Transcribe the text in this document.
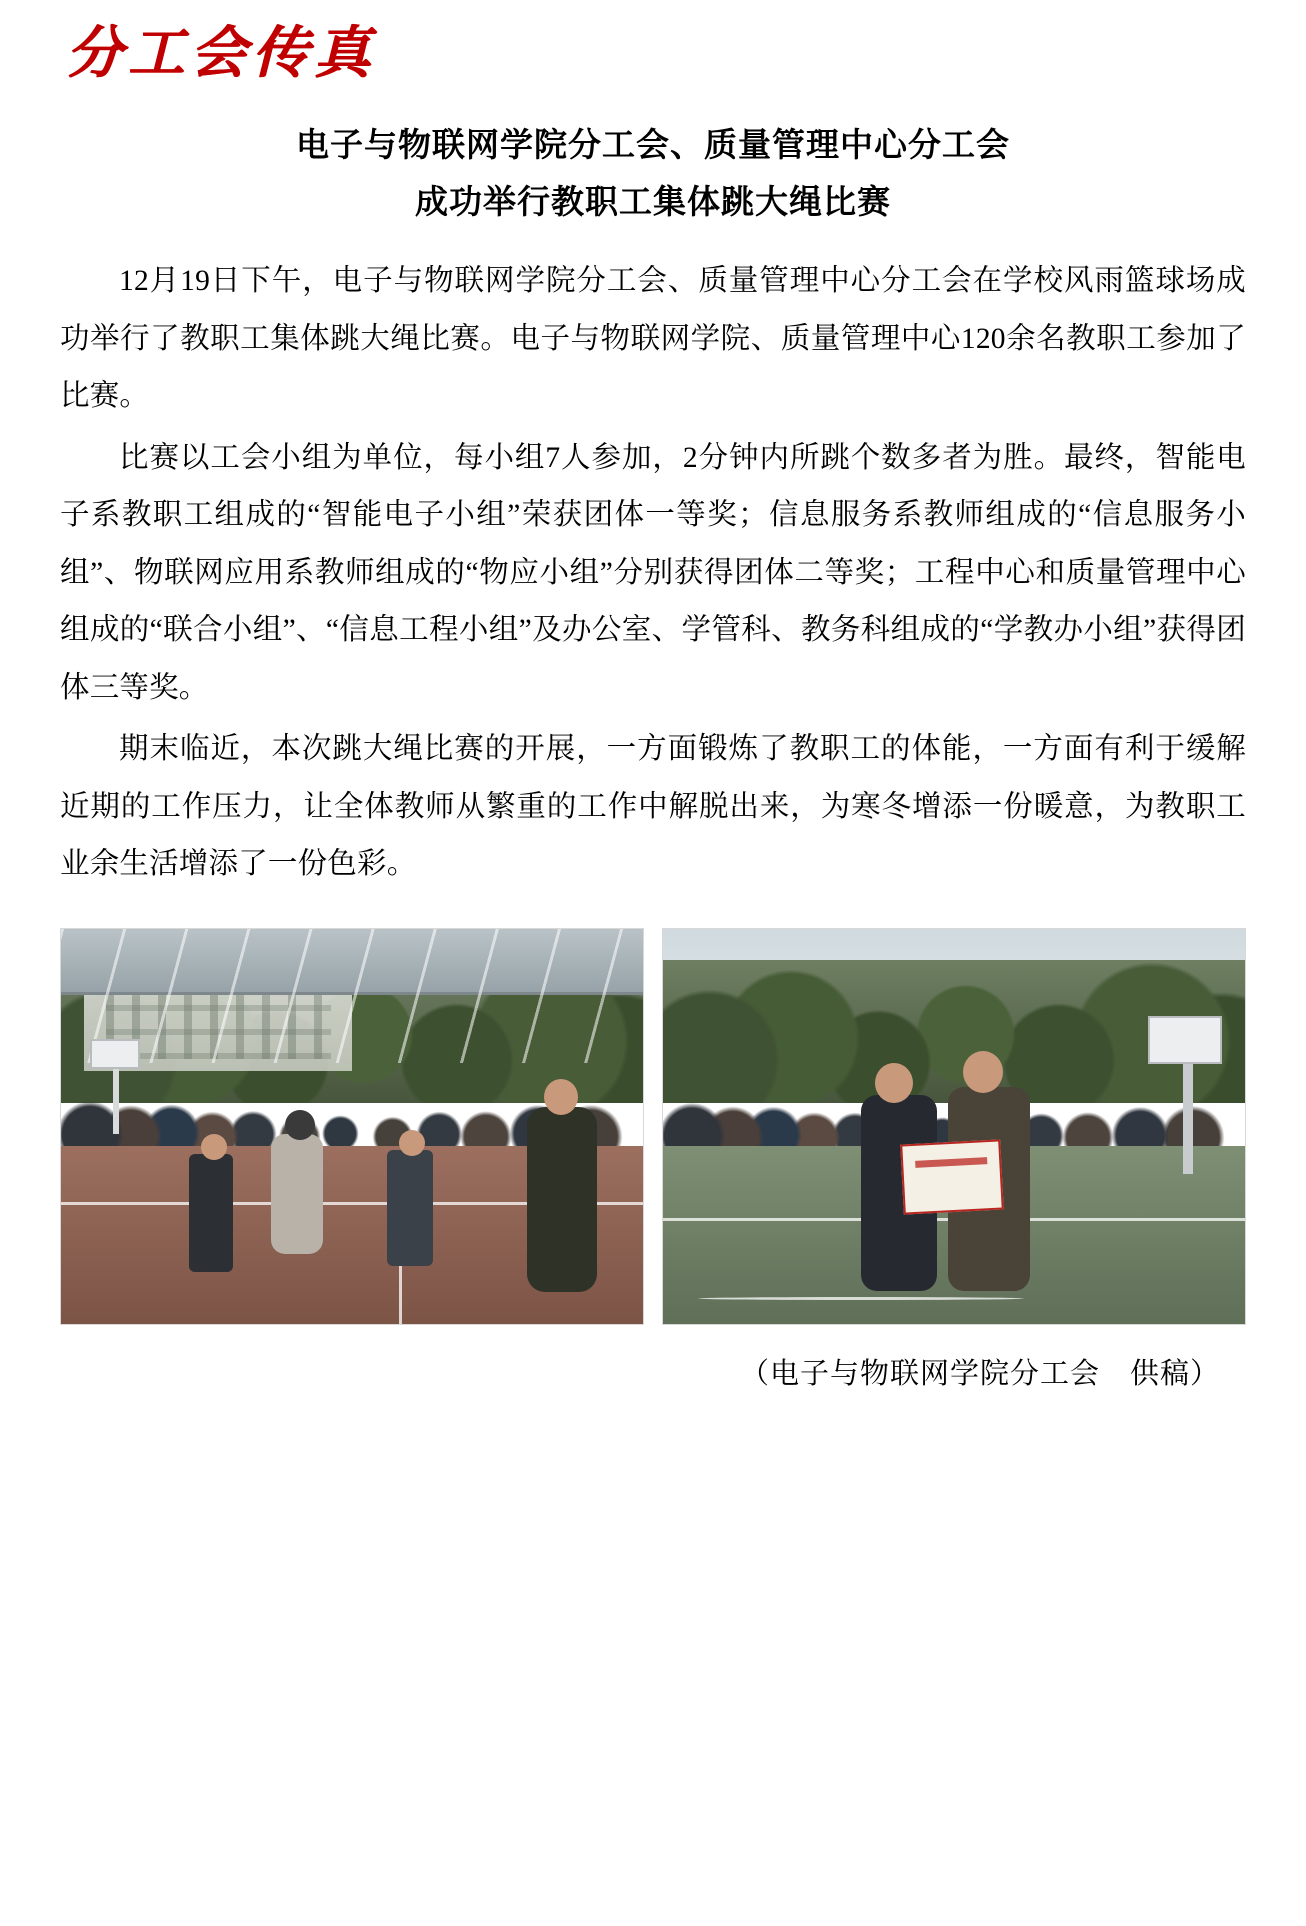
分工会传真
电子与物联网学院分工会、质量管理中心分工会
成功举行教职工集体跳大绳比赛

12月19日下午，电子与物联网学院分工会、质量管理中心分工会在学校风雨篮球场成功举行了教职工集体跳大绳比赛。电子与物联网学院、质量管理中心120余名教职工参加了比赛。

比赛以工会小组为单位，每小组7人参加，2分钟内所跳个数多者为胜。最终，智能电子系教职工组成的“智能电子小组”荣获团体一等奖；信息服务系教师组成的“信息服务小组”、物联网应用系教师组成的“物应小组”分别获得团体二等奖；工程中心和质量管理中心组成的“联合小组”、“信息工程小组”及办公室、学管科、教务科组成的“学教办小组”获得团体三等奖。

期末临近，本次跳大绳比赛的开展，一方面锻炼了教职工的体能，一方面有利于缓解近期的工作压力，让全体教师从繁重的工作中解脱出来，为寒冬增添一份暖意，为教职工业余生活增添了一份色彩。

（电子与物联网学院分工会　供稿）
